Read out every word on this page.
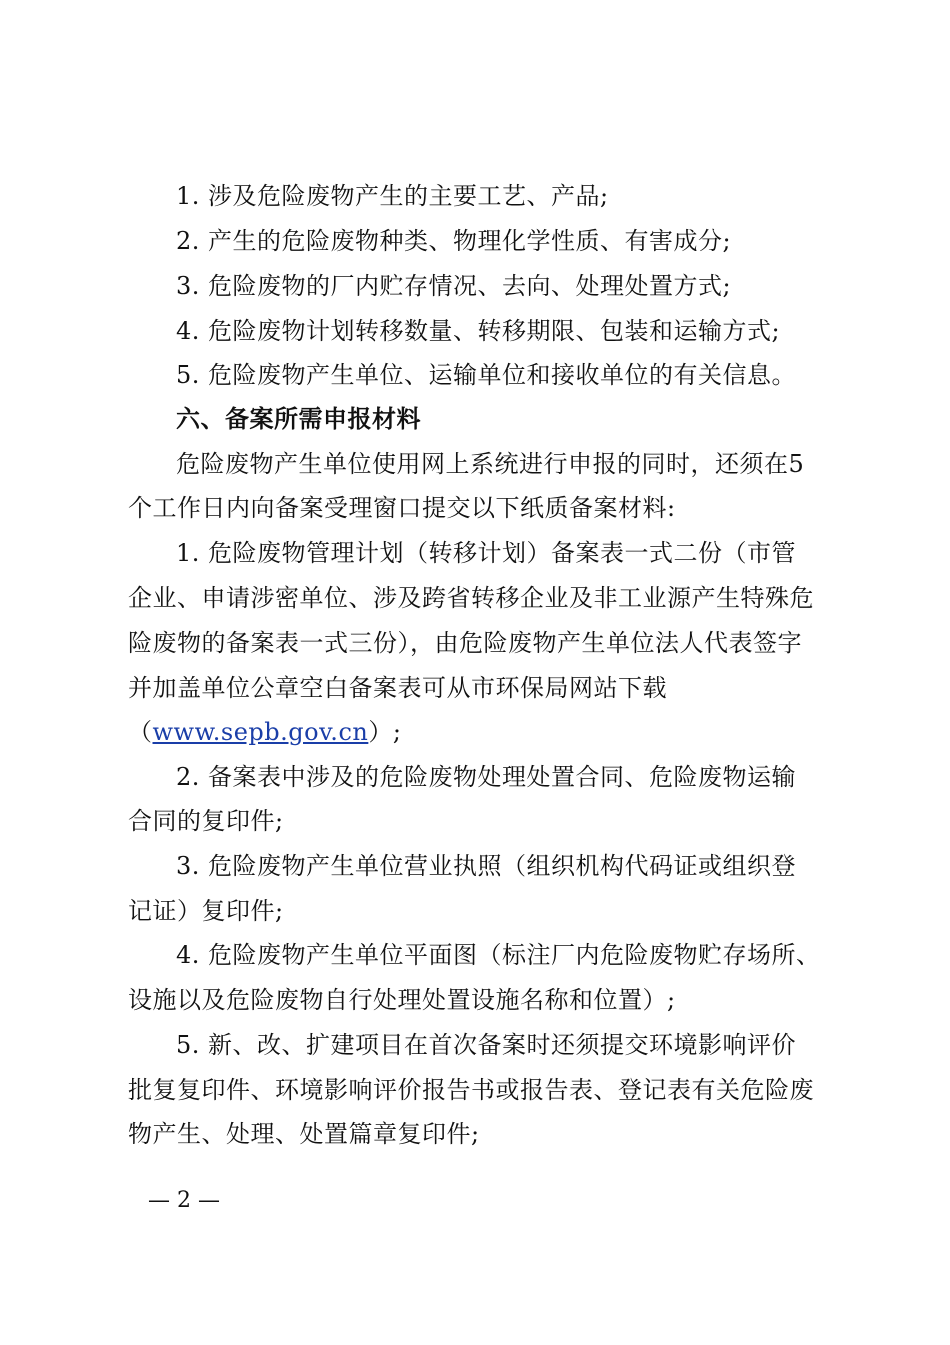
1. 涉及危险废物产生的主要工艺、产品;
2. 产生的危险废物种类、物理化学性质、有害成分;
3. 危险废物的厂内贮存情况、去向、处理处置方式;
4. 危险废物计划转移数量、转移期限、包装和运输方式;
5. 危险废物产生单位、运输单位和接收单位的有关信息。
六、备案所需申报材料
危险废物产生单位使用网上系统进行申报的同时，还须在5
个工作日内向备案受理窗口提交以下纸质备案材料:
1. 危险废物管理计划（转移计划）备案表一式二份（市管
企业、申请涉密单位、涉及跨省转移企业及非工业源产生特殊危
险废物的备案表一式三份），由危险废物产生单位法人代表签字
并加盖单位公章空白备案表可从市环保局网站下载
（www.sepb.gov.cn）;
2. 备案表中涉及的危险废物处理处置合同、危险废物运输
合同的复印件;
3. 危险废物产生单位营业执照（组织机构代码证或组织登
记证）复印件;
4. 危险废物产生单位平面图（标注厂内危险废物贮存场所、
设施以及危险废物自行处理处置设施名称和位置）;
5. 新、改、扩建项目在首次备案时还须提交环境影响评价
批复复印件、环境影响评价报告书或报告表、登记表有关危险废
物产生、处理、处置篇章复印件;
— 2 —
